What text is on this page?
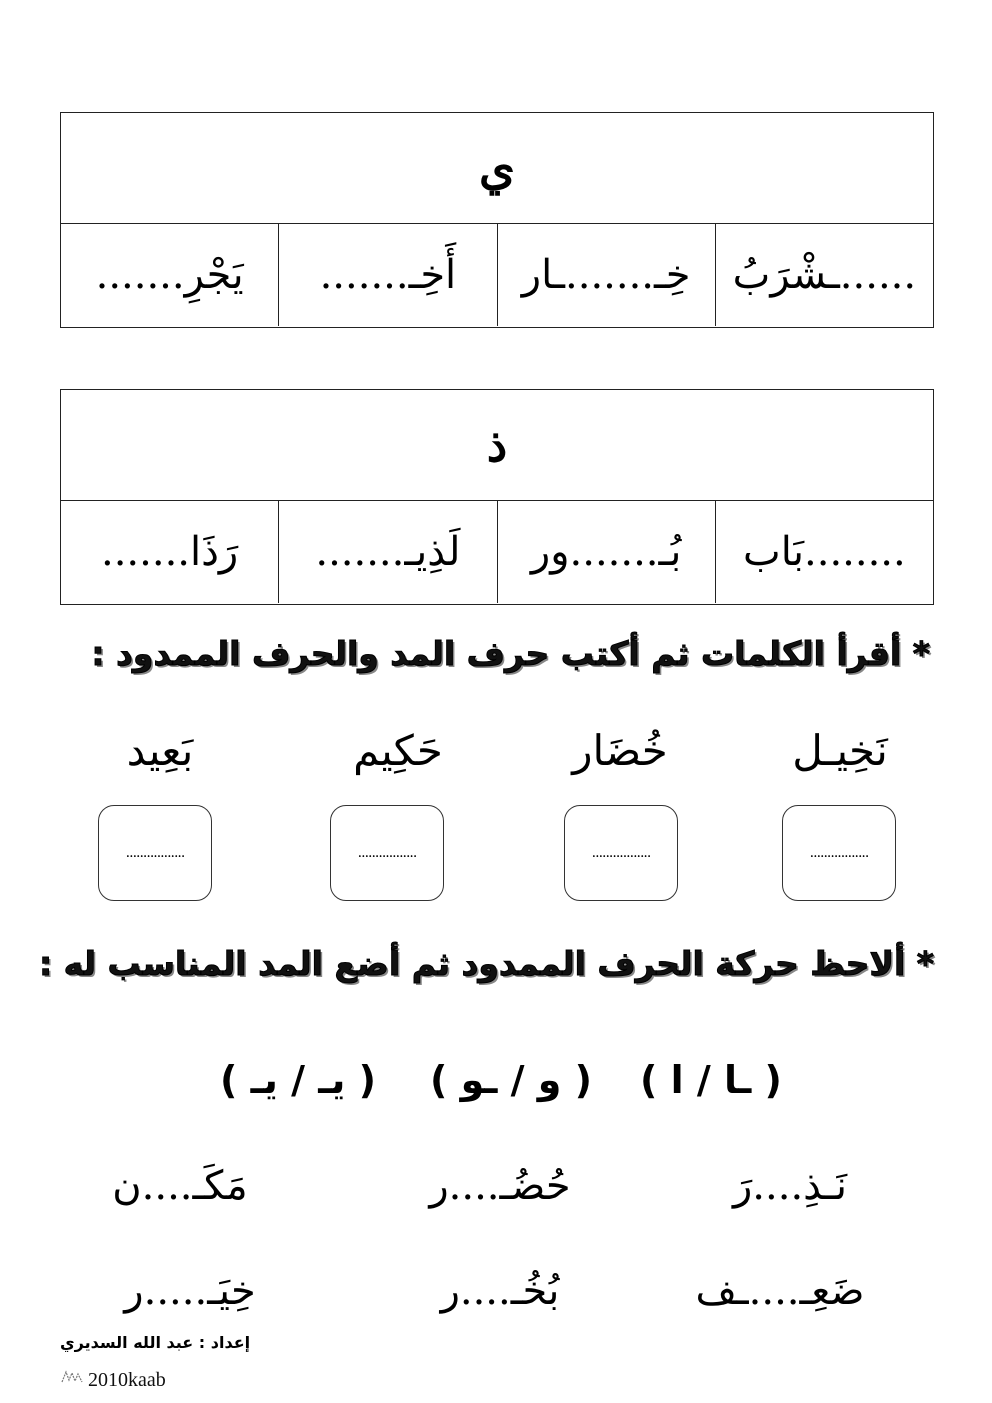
ي
......ـشْرَبُ
خِـ.......ـار
أَخِـ.......
يَجْرِ.......
ذ
........بَاب
بُـ.......ور
لَذِيـ.......
رَذَا.......
* أقرأ الكلمات ثم أكتب حرف المد والحرف الممدود :
نَخِيـل
خُضَار
حَكِيم
بَعِيد
.................
.................
.................
.................
* ألاحظ حركة الحرف الممدود ثم أضع المد المناسب له :
( ـا / ا )
( و / ـو )
( يـ / يـ )
نَـذِ....رَ
حُضُـ....ر
مَكَـ....ن
ضَعِـ....ـف
بُخُـ....ر
خِيَـ.....ر
إعداد : عبد الله السديري
2010kaab
